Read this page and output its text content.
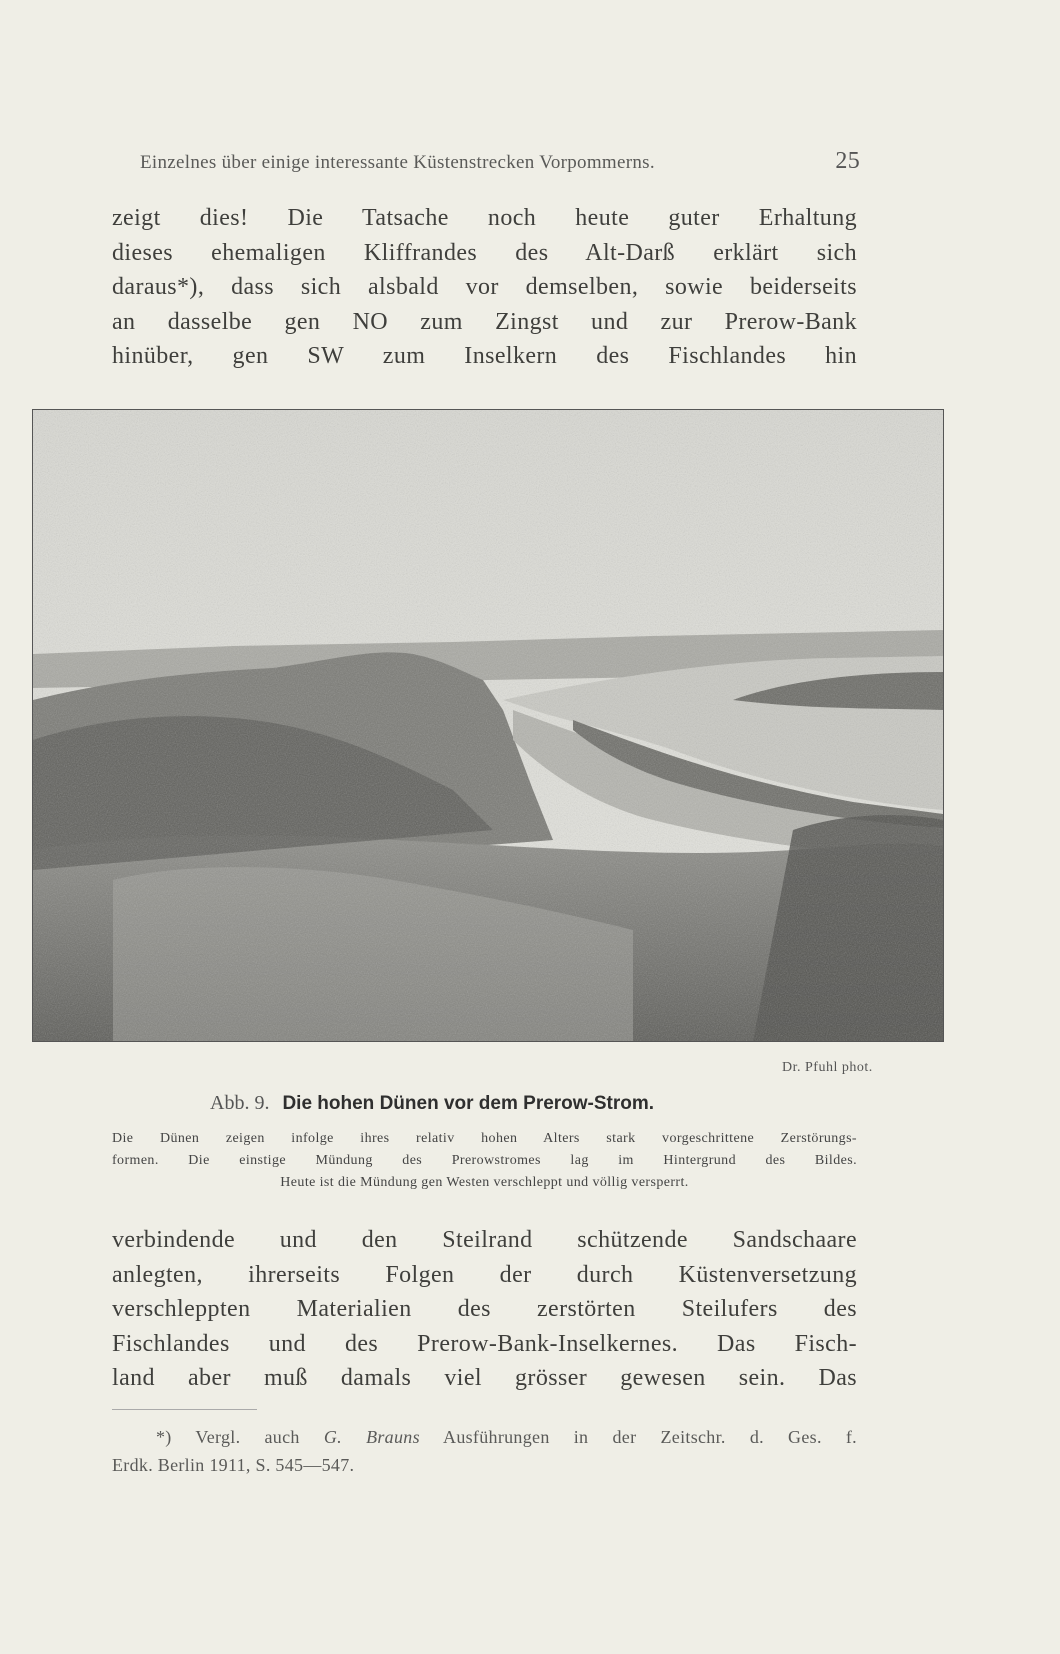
Einzelnes über einige interessante Küstenstrecken Vorpommerns.	25

zeigt dies! Die Tatsache noch heute guter Erhaltung

dieses ehemaligen Kliffrandes des Alt-Darß erklärt sich

daraus*), dass sich alsbald vor demselben, sowie beiderseits

an dasselbe gen NO zum Zingst und zur Prerow-Bank

hinüber, gen SW zum Inselkern des Fischlandes hin

Dr. Pfuhl phot.
Abb. 9. Die hohen Dünen vor dem Prerow-Strom.

Die Dünen zeigen infolge ihres relativ hohen Alters stark vorgeschrittene Zerstörungs-

formen. Die einstige Mündung des Prerowstromes lag im Hintergrund des Bildes.

Heute ist die Mündung gen Westen verschleppt und völlig versperrt.

verbindende und den Steilrand schützende Sandschaare

anlegten, ihrerseits Folgen der durch Küstenversetzung

verschleppten Materialien des zerstörten Steilufers des

Fischlandes und des Prerow-Bank-Inselkernes. Das Fisch-

land aber muß damals viel grösser gewesen sein. Das

*) Vergl. auch G. Brauns Ausführungen in der Zeitschr. d. Ges. f.

Erdk. Berlin 1911, S. 545—547.
